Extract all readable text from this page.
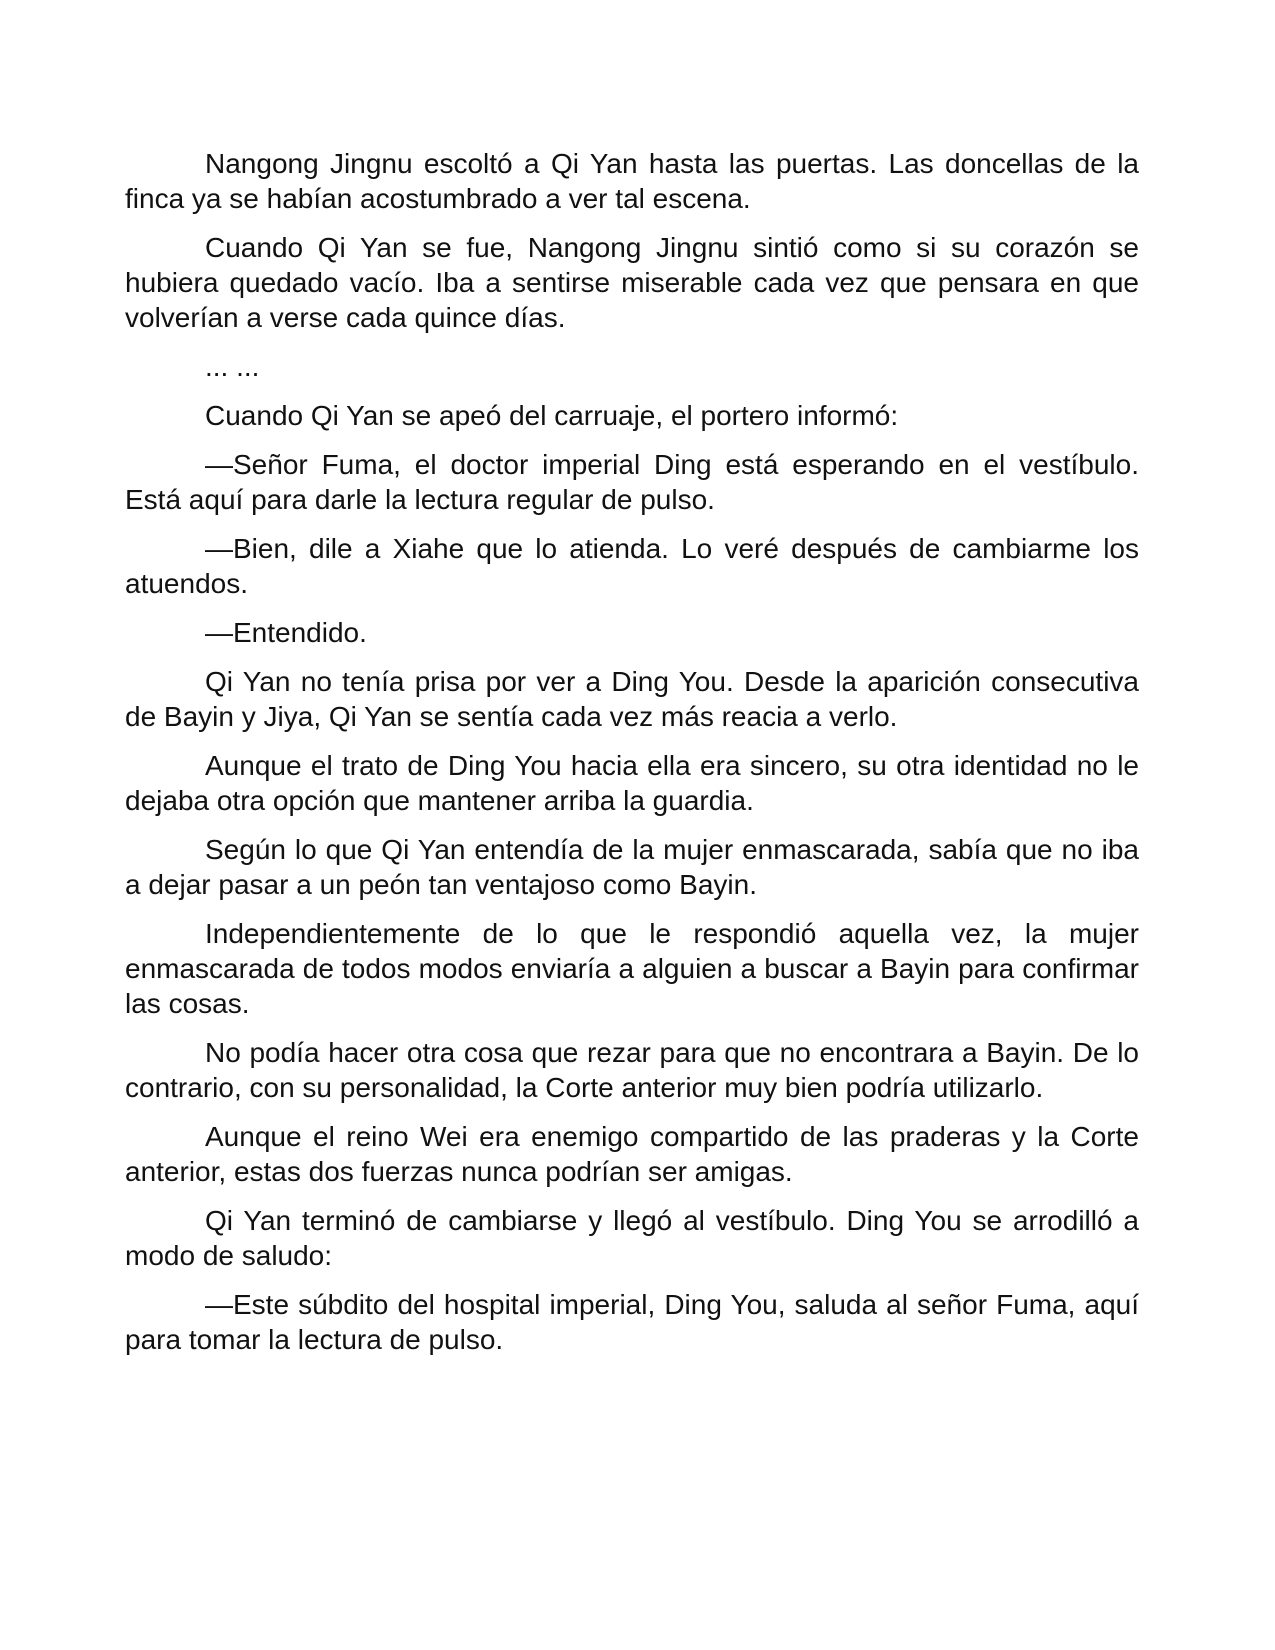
Nangong Jingnu escoltó a Qi Yan hasta las puertas. Las doncellas de la finca ya se habían acostumbrado a ver tal escena.

Cuando Qi Yan se fue, Nangong Jingnu sintió como si su corazón se hubiera quedado vacío. Iba a sentirse miserable cada vez que pensara en que volverían a verse cada quince días.

... ...

Cuando Qi Yan se apeó del carruaje, el portero informó:

—Señor Fuma, el doctor imperial Ding está esperando en el vestíbulo. Está aquí para darle la lectura regular de pulso.

—Bien, dile a Xiahe que lo atienda. Lo veré después de cambiarme los atuendos.

—Entendido.

Qi Yan no tenía prisa por ver a Ding You. Desde la aparición consecutiva de Bayin y Jiya, Qi Yan se sentía cada vez más reacia a verlo.

Aunque el trato de Ding You hacia ella era sincero, su otra identidad no le dejaba otra opción que mantener arriba la guardia.

Según lo que Qi Yan entendía de la mujer enmascarada, sabía que no iba a dejar pasar a un peón tan ventajoso como Bayin.

Independientemente de lo que le respondió aquella vez, la mujer enmascarada de todos modos enviaría a alguien a buscar a Bayin para confirmar las cosas.

No podía hacer otra cosa que rezar para que no encontrara a Bayin. De lo contrario, con su personalidad, la Corte anterior muy bien podría utilizarlo.

Aunque el reino Wei era enemigo compartido de las praderas y la Corte anterior, estas dos fuerzas nunca podrían ser amigas.

Qi Yan terminó de cambiarse y llegó al vestíbulo. Ding You se arrodilló a modo de saludo:

—Este súbdito del hospital imperial, Ding You, saluda al señor Fuma, aquí para tomar la lectura de pulso.
